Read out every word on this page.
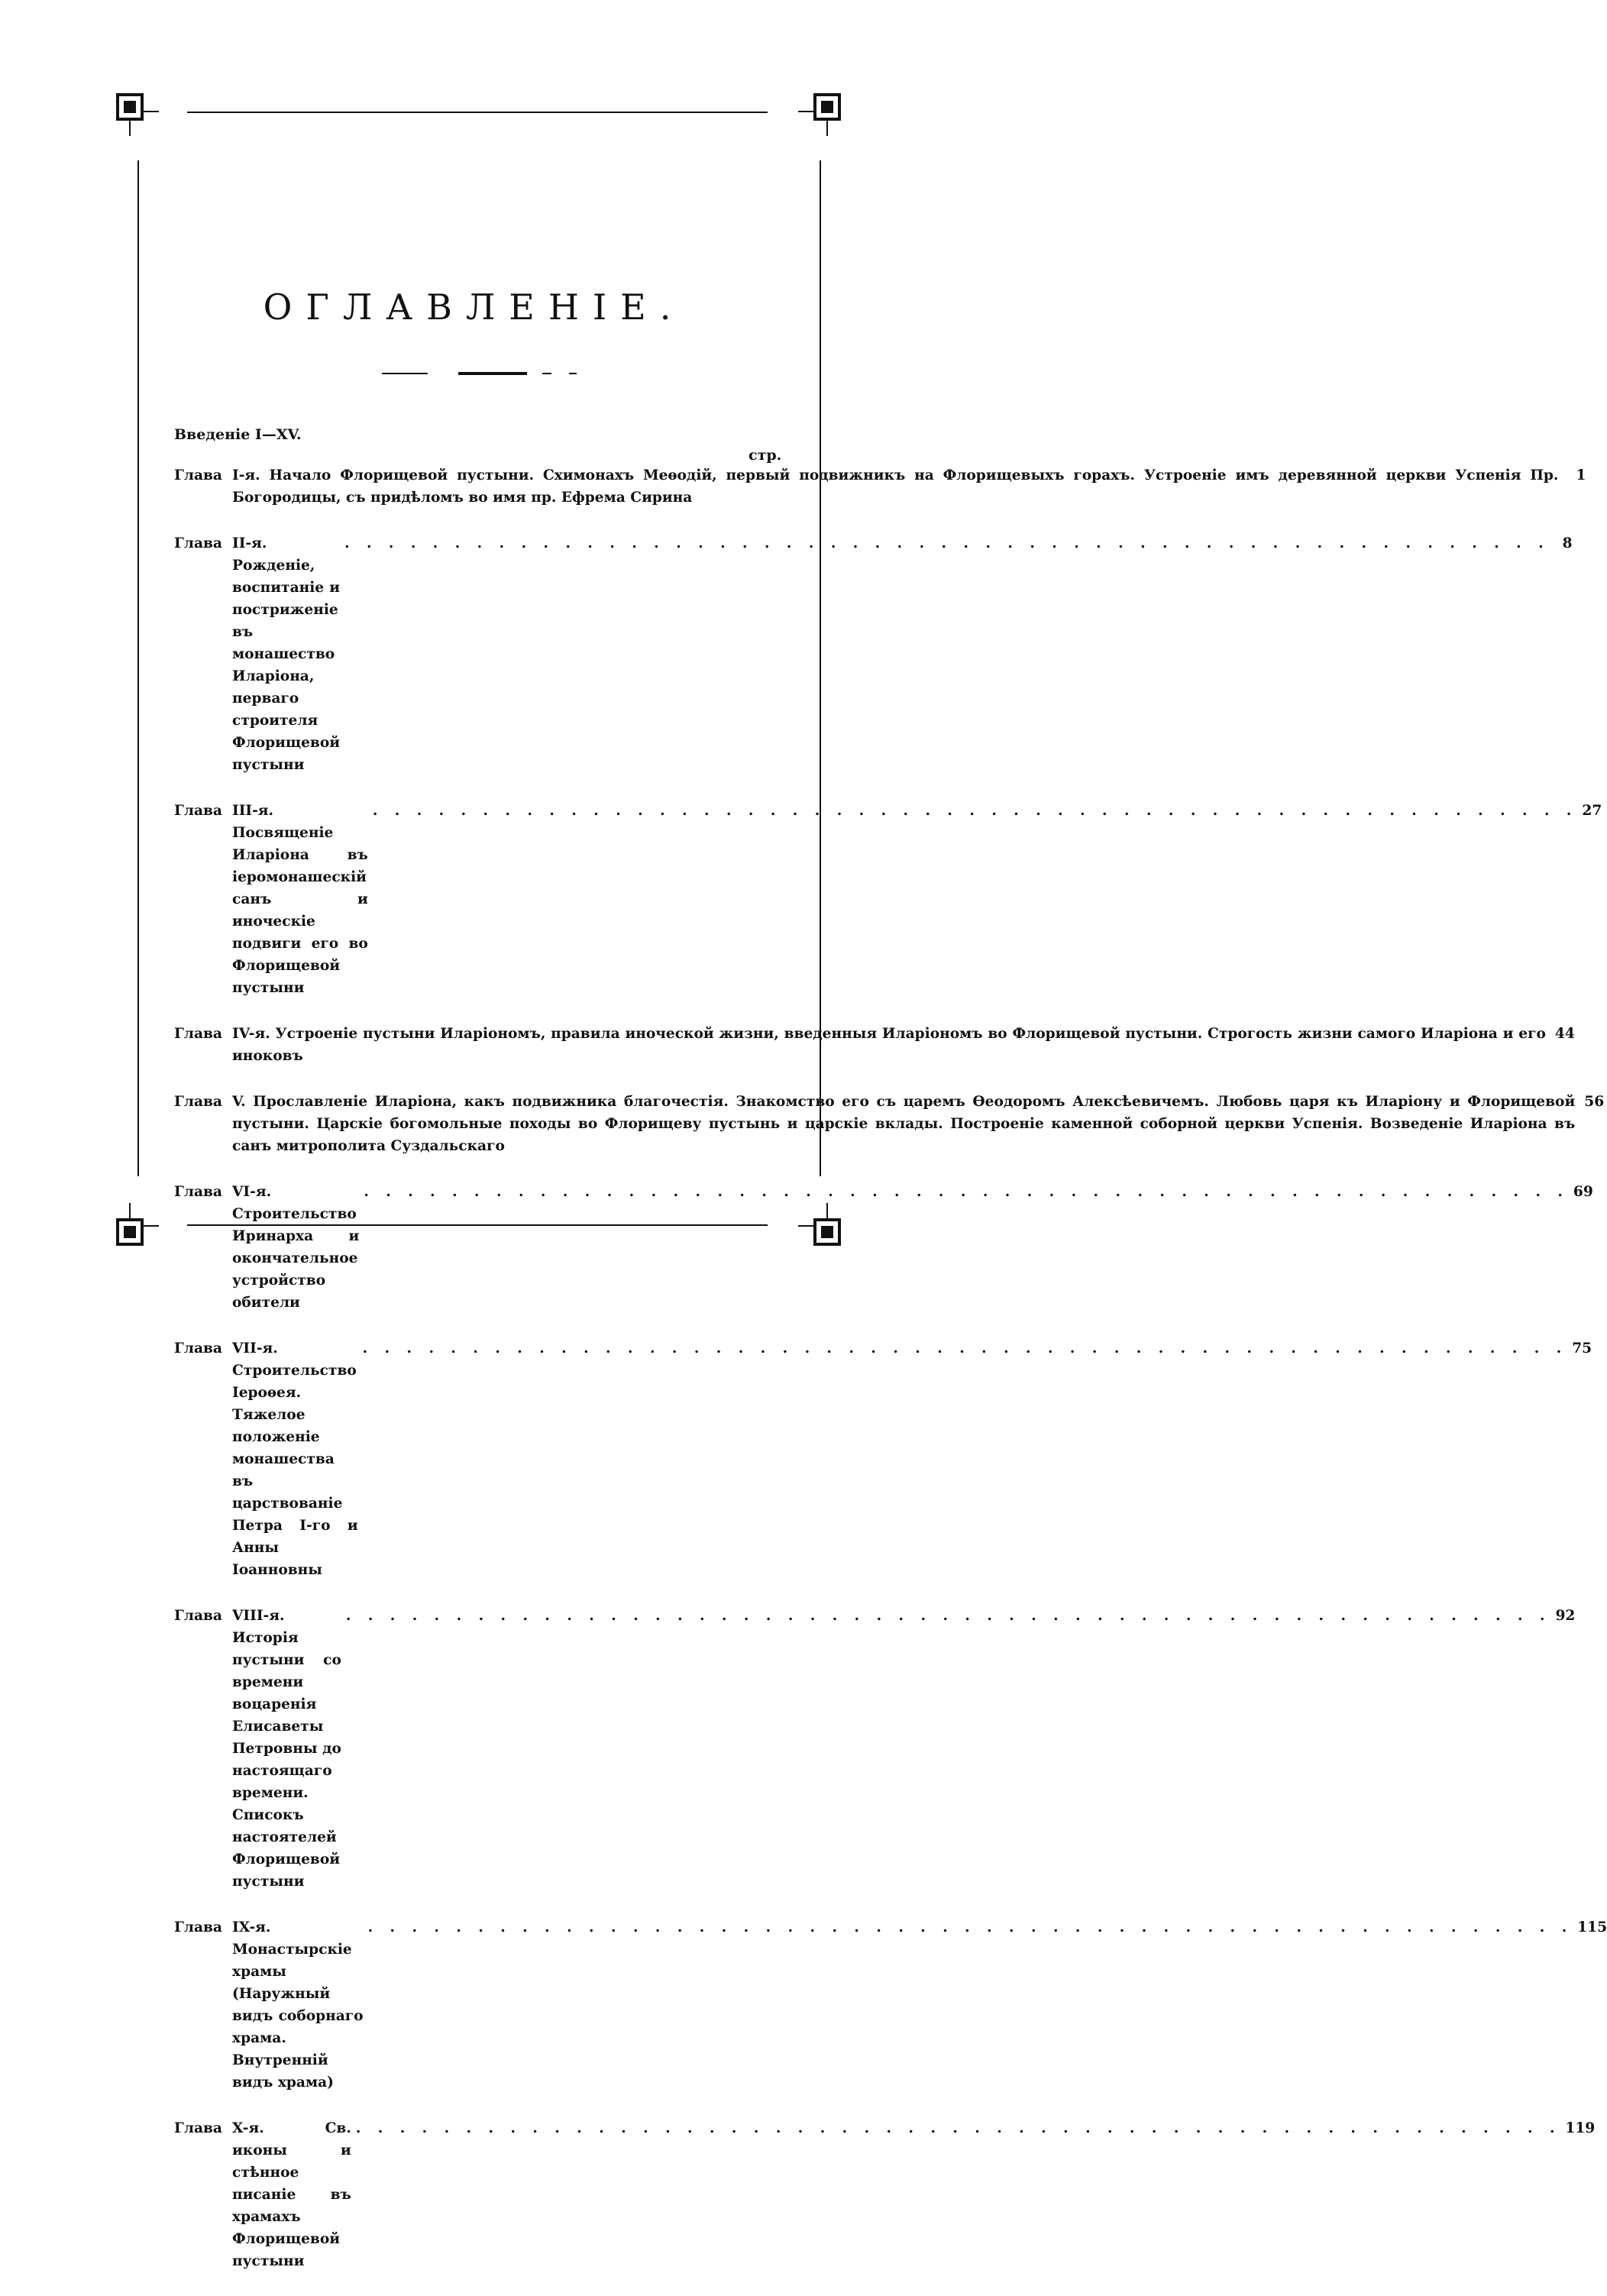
ОГЛАВЛЕНІЕ.
Введеніе I—XV.
стр.
Глава I-я. Начало Флорищевой пустыни. Схимонахъ Меѳодій, первый подвижникъ на Флорищевыхъ горахъ. Устроеніе имъ деревянной церкви Успенія Пр. Богородицы, съ придѣломъ во имя пр. Ефрема Сирина
1
Глава II-я. Рожденіе, воспитаніе и постриженіе въ монашество Иларіона, перваго строителя Флорищевой пустыни
. . .
8
Глава III-я. Посвященіе Иларіона въ іеромонашескій санъ и иноческіе подвиги его во Флорищевой пустыни
. . .
27
Глава IV-я. Устроеніе пустыни Иларіономъ, правила иноческой жизни, введенныя Иларіономъ во Флорищевой пустыни. Строгость жизни самого Иларіона и его иноковъ
44
Глава V. Прославленіе Иларіона, какъ подвижника благочестія. Знакомство его съ царемъ Ѳеодоромъ Алексѣевичемъ. Любовь царя къ Иларіону и Флорищевой пустыни. Царскіе богомольные походы во Флорищеву пустынь и царскіе вклады. Построеніе каменной соборной церкви Успенія. Возведеніе Иларіона въ санъ митрополита Суздальскаго
56
Глава VI-я. Строительство Иринарха и окончательное устройство обители
. . .
69
Глава VII-я. Строительство Іероѳея. Тяжелое положеніе монашества въ царствованіе Петра I-го и Анны Іоанновны
. . .
75
Глава VIII-я. Исторія пустыни со времени воцаренія Елисаветы Петровны до настоящаго времени. Списокъ настоятелей Флорищевой пустыни
. . .
92
Глава IX-я. Монастырскіе храмы (Наружный видъ соборнаго храма. Внутренній видъ храма)
. . .
115
Глава X-я. Св. иконы и стѣнное писаніе въ храмахъ Флорищевой пустыни
. . .
119
